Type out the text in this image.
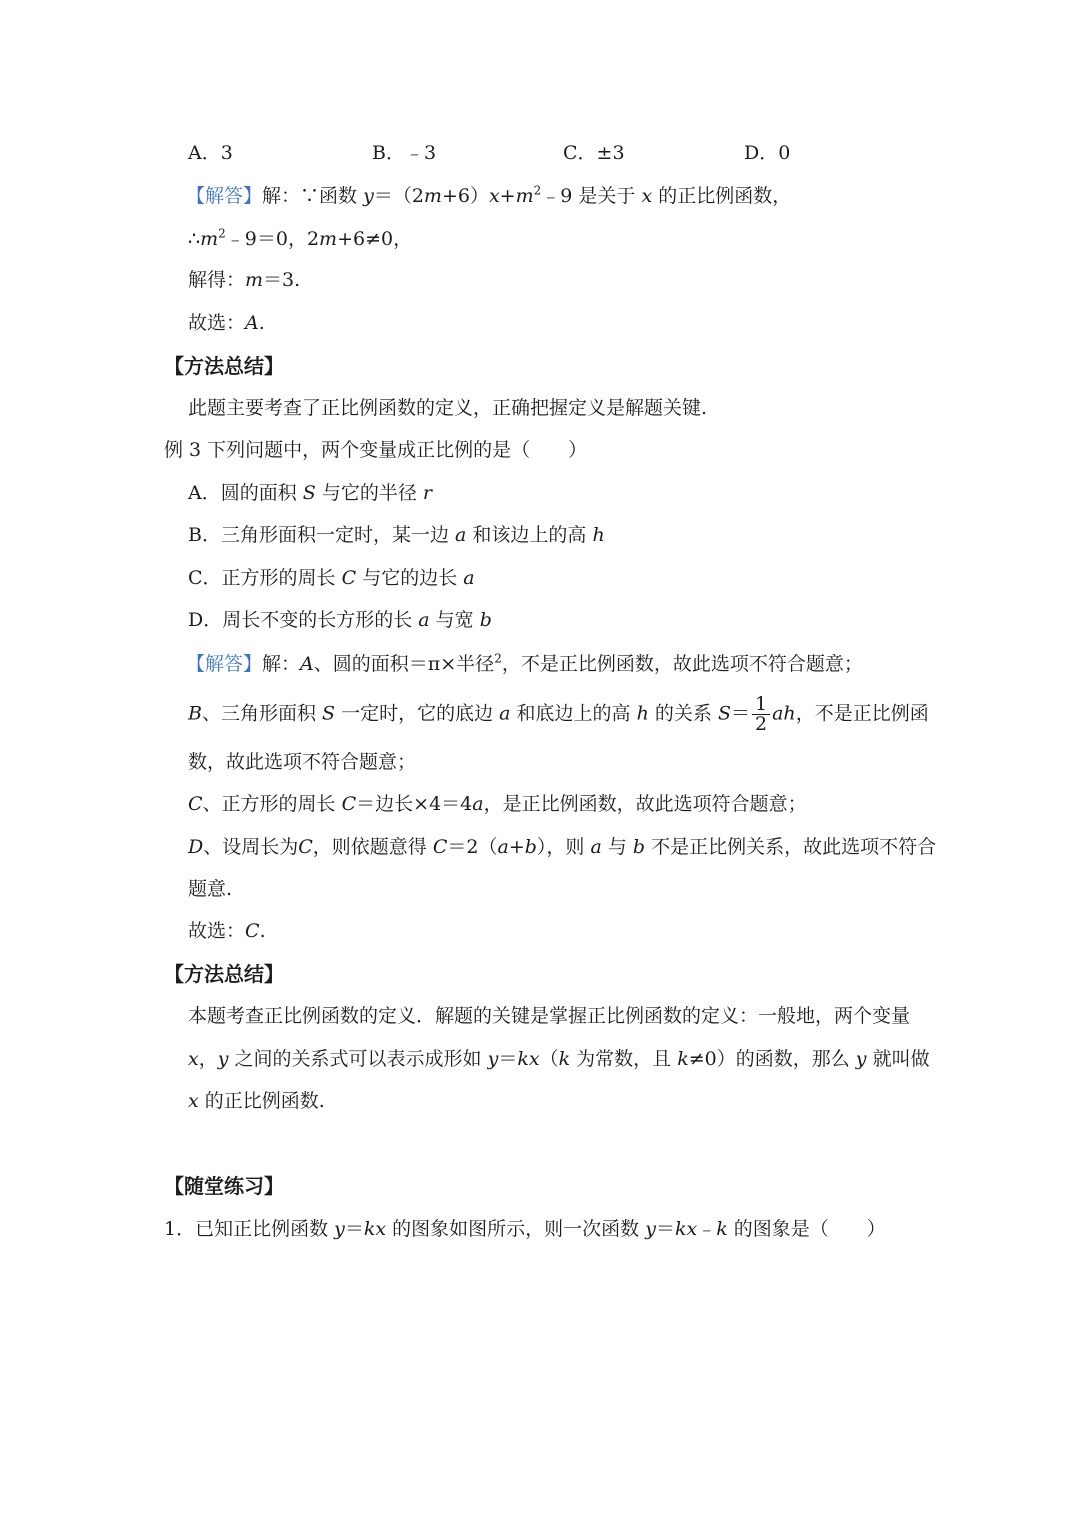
A．3	B．﹣3	C．±3	D．0
【解答】解：∵函数 $y=(2m+6)x+m^2﹣9$ 是关于 x 的正比例函数，
$\therefore m^2﹣9=0$，2m+6≠0，
解得：m＝3.
故选：A.
【方法总结】
此题主要考查了正比例函数的定义，正确把握定义是解题关键.
例 3 下列问题中，两个变量成正比例的是（　　）
A．圆的面积 S 与它的半径 r
B．三角形面积一定时，某一边 a 和该边上的高 h
C．正方形的周长 C 与它的边长 a
D．周长不变的长方形的长 a 与宽 b
【解答】解：A、圆的面积＝π×半径$^2$，不是正比例函数，故此选项不符合题意；
B、三角形面积 S 一定时，它的底边 a 和底边上的高 h 的关系 $S= \frac{1}{2}$ ah，不是正比例函
数，故此选项不符合题意；
C、正方形的周长 C＝边长×4＝4a，是正比例函数，故此选项符合题意；
D、设周长为C，则依题意得 C＝2（a+b），则 a 与 b 不是正比例关系，故此选项不符合
题意.
故选：C.
【方法总结】
本题考查正比例函数的定义．解题的关键是掌握正比例函数的定义：一般地，两个变量
x，y 之间的关系式可以表示成形如 y＝kx（k 为常数，且 k≠0）的函数，那么 y 就叫做
x 的正比例函数.
【随堂练习】
1．已知正比例函数 y＝kx 的图象如图所示，则一次函数 y＝kx﹣k 的图象是（　　）
